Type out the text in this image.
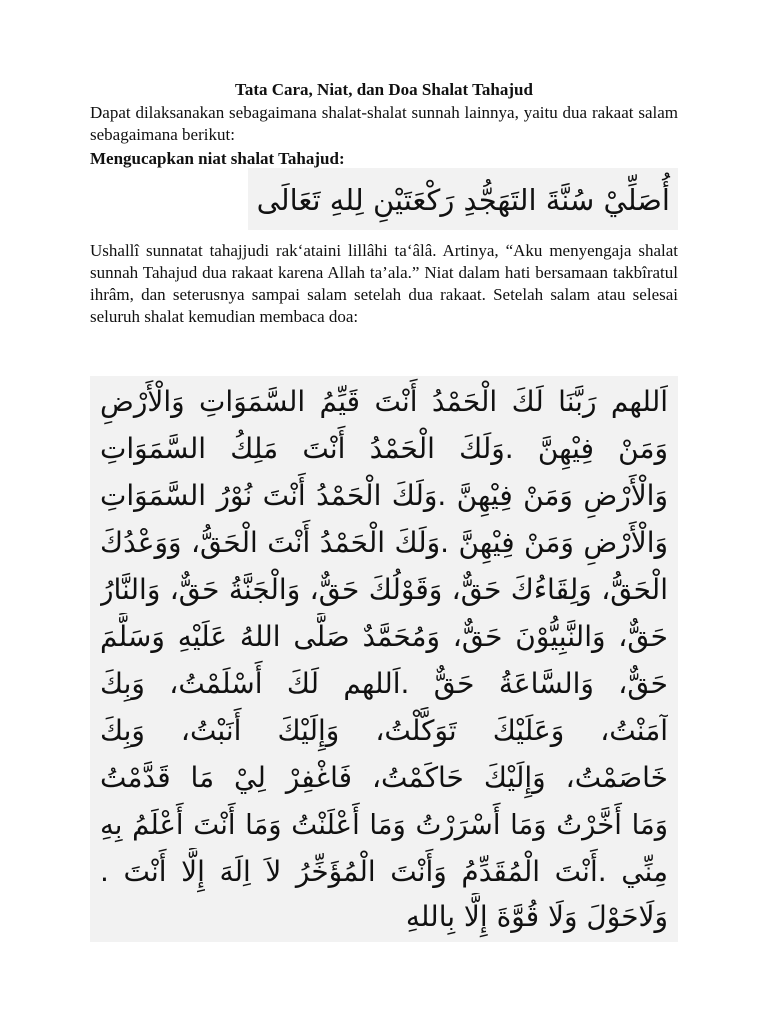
Tata Cara, Niat, dan Doa Shalat Tahajud

Dapat dilaksanakan sebagaimana shalat-shalat sunnah lainnya, yaitu dua rakaat salam sebagaimana berikut:

Mengucapkan niat shalat Tahajud:

أُصَلِّيْ سُنَّةَ التَهَجُّدِ رَكْعَتَيْنِ لِلهِ تَعَالَى

Ushallî sunnatat tahajjudi rak‘ataini lillâhi ta‘âlâ. Artinya, “Aku menyengaja shalat sunnah Tahajud dua rakaat karena Allah ta’ala.” Niat dalam hati bersamaan takbîratul ihrâm, dan seterusnya sampai salam setelah dua rakaat. Setelah salam atau selesai seluruh shalat kemudian membaca doa:

اَللهم رَبَّنَا لَكَ الْحَمْدُ أَنْتَ قَيِّمُ السَّمَوَاتِ وَالْأَرْضِ
وَمَنْ فِيْهِنَّ .وَلَكَ الْحَمْدُ أَنْتَ مَلِكُ السَّمَوَاتِ
وَالْأَرْضِ وَمَنْ فِيْهِنَّ .وَلَكَ الْحَمْدُ أَنْتَ نُوْرُ السَّمَوَاتِ
وَالْأَرْضِ وَمَنْ فِيْهِنَّ .وَلَكَ الْحَمْدُ أَنْتَ الْحَقُّ، وَوَعْدُكَ
الْحَقُّ، وَلِقَاءُكَ حَقٌّ، وَقَوْلُكَ حَقٌّ، وَالْجَنَّةُ حَقٌّ، وَالنَّارُ
حَقٌّ، وَالنَّبِيُّوْنَ حَقٌّ، وَمُحَمَّدٌ صَلَّى اللهُ عَلَيْهِ وَسَلَّمَ
حَقٌّ، وَالسَّاعَةُ حَقٌّ .اَللهم لَكَ أَسْلَمْتُ، وَبِكَ
آمَنْتُ، وَعَلَيْكَ تَوَكَّلْتُ، وَإِلَيْكَ أَنَبْتُ، وَبِكَ
خَاصَمْتُ، وَإِلَيْكَ حَاكَمْتُ، فَاغْفِرْ لِيْ مَا قَدَّمْتُ
وَمَا أَخَّرْتُ وَمَا أَسْرَرْتُ وَمَا أَعْلَنْتُ وَمَا أَنْتَ أَعْلَمُ بِهِ
مِنِّي .أَنْتَ الْمُقَدِّمُ وَأَنْتَ الْمُؤَخِّرُ لاَ اِلَهَ إِلَّا أَنْتَ .
وَلَاحَوْلَ وَلَا قُوَّةَ إِلَّا بِاللهِ
